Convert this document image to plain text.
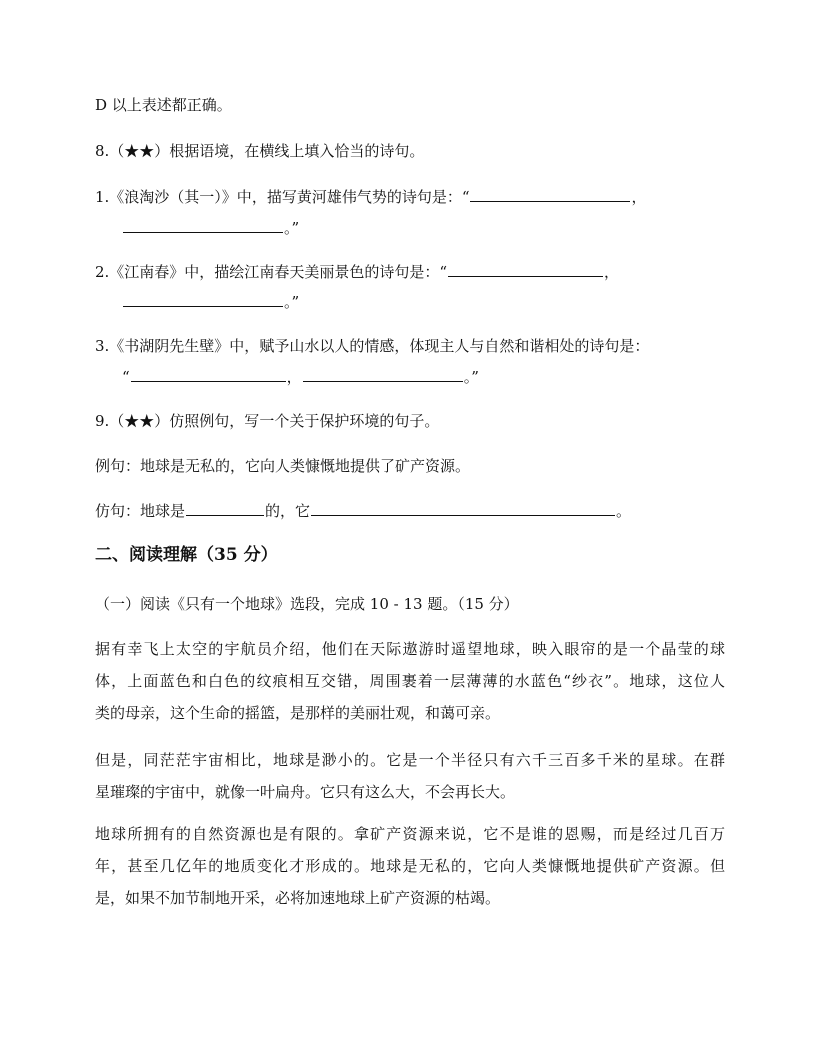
D 以上表述都正确。
8.（★★）根据语境，在横线上填入恰当的诗句。
1.《浪淘沙（其一）》中，描写黄河雄伟气势的诗句是：“	，
。”
2.《江南春》中，描绘江南春天美丽景色的诗句是：“	，
。”
3.《书湖阴先生壁》中，赋予山水以人的情感，体现主人与自然和谐相处的诗句是：
“	，	。”
9.（★★）仿照例句，写一个关于保护环境的句子。
例句：地球是无私的，它向人类慷慨地提供了矿产资源。
仿句：地球是	的，它	。
二、阅读理解（35 分）
（一）阅读《只有一个地球》选段，完成 10 - 13 题。（15 分）
据有幸飞上太空的宇航员介绍，他们在天际遨游时遥望地球，映入眼帘的是一个晶莹的球
体，上面蓝色和白色的纹痕相互交错，周围裹着一层薄薄的水蓝色“纱衣”。地球，这位人
类的母亲，这个生命的摇篮，是那样的美丽壮观，和蔼可亲。
但是，同茫茫宇宙相比，地球是渺小的。它是一个半径只有六千三百多千米的星球。在群
星璀璨的宇宙中，就像一叶扁舟。它只有这么大，不会再长大。
地球所拥有的自然资源也是有限的。拿矿产资源来说，它不是谁的恩赐，而是经过几百万
年，甚至几亿年的地质变化才形成的。地球是无私的，它向人类慷慨地提供矿产资源。但
是，如果不加节制地开采，必将加速地球上矿产资源的枯竭。
